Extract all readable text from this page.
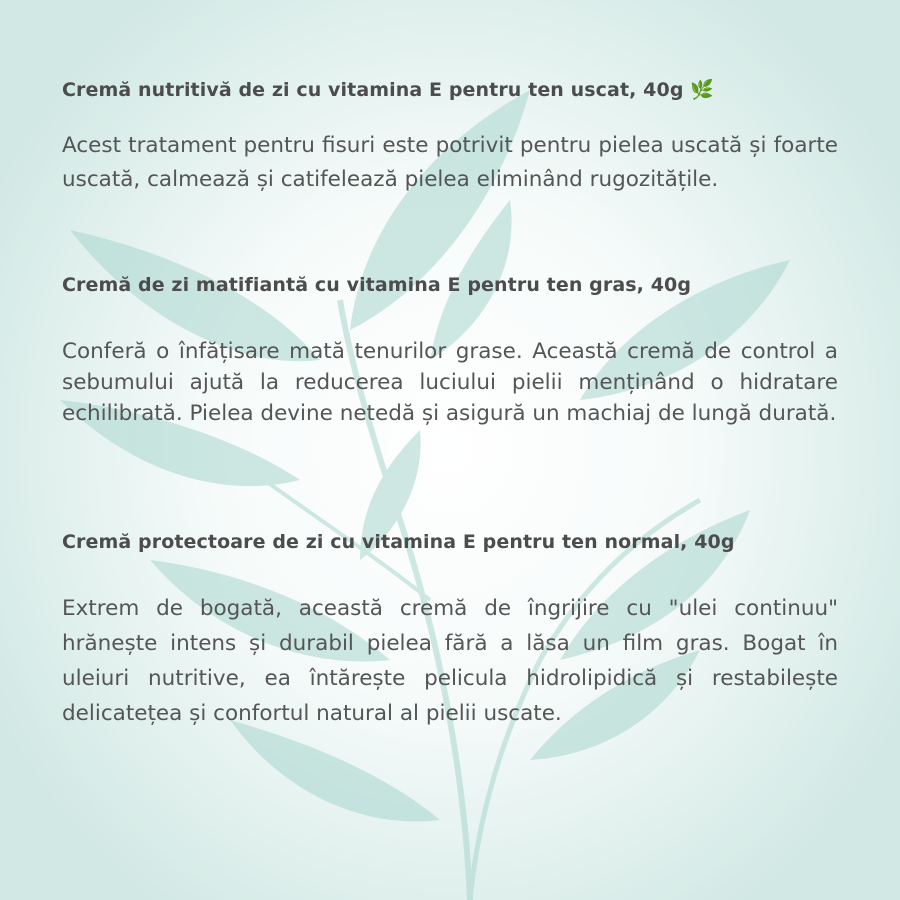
Cremă nutritivă de zi cu vitamina E pentru ten uscat, 40g 🌿

Acest tratament pentru fisuri este potrivit pentru pielea uscată și foarte uscată, calmează și catifelează pielea eliminând rugozitățile.

Cremă de zi matifiantă cu vitamina E pentru ten gras, 40g

Conferă o înfățisare mată tenurilor grase. Această cremă de control a sebumului ajută la reducerea luciului pielii menținând o hidratare echilibrată. Pielea devine netedă și asigură un machiaj de lungă durată.

Cremă protectoare de zi cu vitamina E pentru ten normal, 40g

Extrem de bogată, această cremă de îngrijire cu "ulei continuu" hrănește intens și durabil pielea fără a lăsa un film gras. Bogat în uleiuri nutritive, ea întărește pelicula hidrolipidică și restabilește delicatețea și confortul natural al pielii uscate.
